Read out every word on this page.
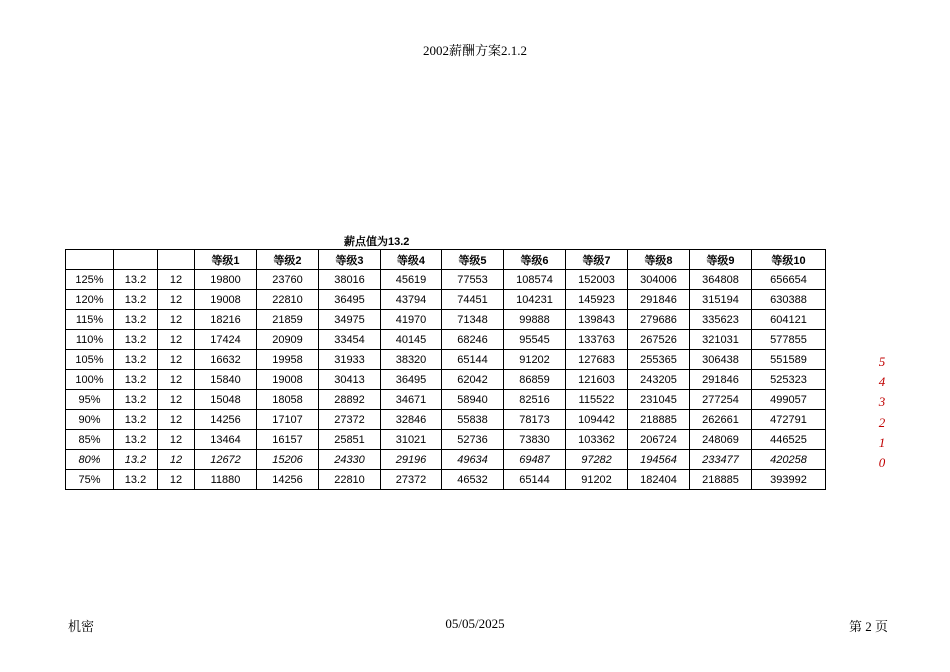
2002薪酬方案2.1.2
薪点值为13.2
			等级1	等级2	等级3	等级4	等级5	等级6	等级7	等级8	等级9	等级10
125%	13.2	12	19800	23760	38016	45619	77553	108574	152003	304006	364808	656654
120%	13.2	12	19008	22810	36495	43794	74451	104231	145923	291846	315194	630388
115%	13.2	12	18216	21859	34975	41970	71348	99888	139843	279686	335623	604121
110%	13.2	12	17424	20909	33454	40145	68246	95545	133763	267526	321031	577855
105%	13.2	12	16632	19958	31933	38320	65144	91202	127683	255365	306438	551589
100%	13.2	12	15840	19008	30413	36495	62042	86859	121603	243205	291846	525323
95%	13.2	12	15048	18058	28892	34671	58940	82516	115522	231045	277254	499057
90%	13.2	12	14256	17107	27372	32846	55838	78173	109442	218885	262661	472791
85%	13.2	12	13464	16157	25851	31021	52736	73830	103362	206724	248069	446525
80%	13.2	12	12672	15206	24330	29196	49634	69487	97282	194564	233477	420258
75%	13.2	12	11880	14256	22810	27372	46532	65144	91202	182404	218885	393992
5
4
3
2
1
0
机密	05/05/2025	第 2 页
